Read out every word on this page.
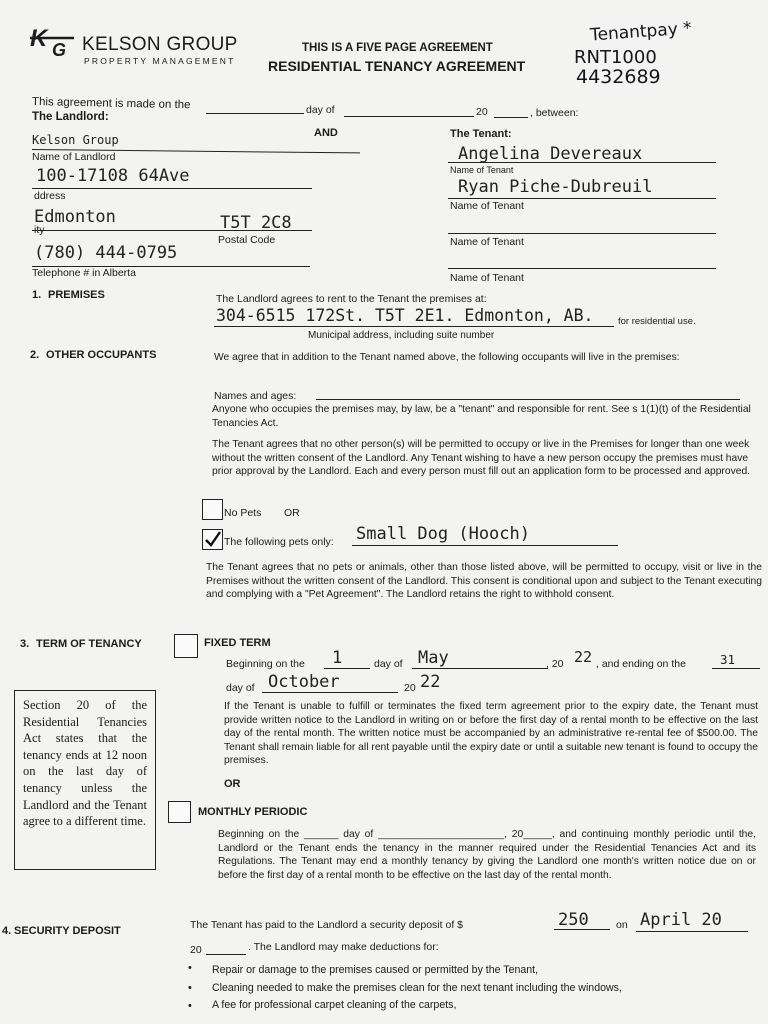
K G KELSON GROUP
PROPERTY MANAGEMENT
THIS IS A FIVE PAGE AGREEMENT
RESIDENTIAL TENANCY AGREEMENT
Tenantpay *
RNT1000
4432689
This agreement is made on the	day of	20	, between:
The Landlord:
AND
Kelson Group
Name of Landlord
100-17108 64Ave
ddress
Edmonton	T5T 2C8
ity
Postal Code
(780) 444-0795
Telephone # in Alberta
The Tenant:
Angelina Devereaux
Name of Tenant
Ryan Piche-Dubreuil
Name of Tenant
Name of Tenant
Name of Tenant
1. PREMISES	The Landlord agrees to rent to the Tenant the premises at:
304-6515 172St. T5T 2E1. Edmonton, AB.	for residential use.
Municipal address, including suite number
2. OTHER OCCUPANTS	We agree that in addition to the Tenant named above, the following occupants will live in the premises:
Names and ages:
Anyone who occupies the premises may, by law, be a "tenant" and responsible for rent. See s 1(1)(t) of the Residential Tenancies Act.
The Tenant agrees that no other person(s) will be permitted to occupy or live in the Premises for longer than one week without the written consent of the Landlord. Any Tenant wishing to have a new person occupy the premises must have prior approval by the Landlord. Each and every person must fill out an application form to be processed and approved.
No Pets OR
The following pets only: Small Dog (Hooch)
The Tenant agrees that no pets or animals, other than those listed above, will be permitted to occupy, visit or live in the Premises without the written consent of the Landlord. This consent is conditional upon and subject to the Tenant executing and complying with a "Pet Agreement". The Landlord retains the right to withhold consent.
3. TERM OF TENANCY	FIXED TERM
Beginning on the 1	day of May	, 20 22 , and ending on the	31
day of October	20 22
If the Tenant is unable to fulfill or terminates the fixed term agreement prior to the expiry date, the Tenant must provide written notice to the Landlord in writing on or before the first day of a rental month to be effective on the last day of the rental month. The written notice must be accompanied by an administrative re-rental fee of $500.00. The Tenant shall remain liable for all rent payable until the expiry date or until a suitable new tenant is found to occupy the premises.
OR
Section 20 of the Residential Tenancies Act states that the tenancy ends at 12 noon on the last day of tenancy unless the Landlord and the Tenant agree to a different time.
MONTHLY PERIODIC
Beginning on the ______ day of ______________________, 20_____, and continuing monthly periodic until the, Landlord or the Tenant ends the tenancy in the manner required under the Residential Tenancies Act and its Regulations. The Tenant may end a monthly tenancy by giving the Landlord one month's written notice due on or before the first day of a rental month to be effective on the last day of the rental month.
4. SECURITY DEPOSIT	The Tenant has paid to the Landlord a security deposit of $	250	on April 20
20	. The Landlord may make deductions for:
• Repair or damage to the premises caused or permitted by the Tenant,
• Cleaning needed to make the premises clean for the next tenant including the windows,
• A fee for professional carpet cleaning of the carpets,
